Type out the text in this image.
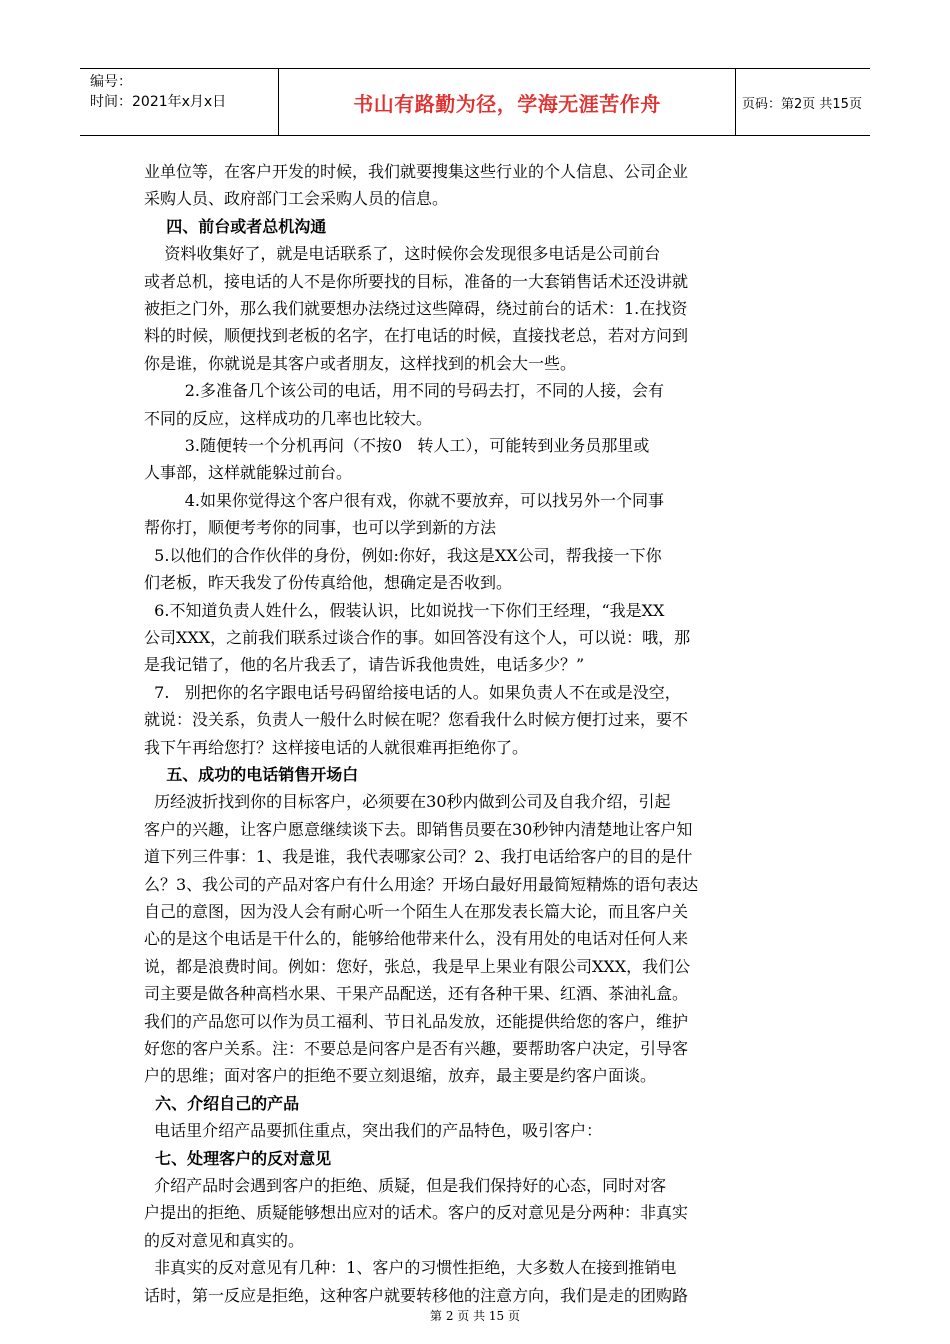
编号：
时间：2021年x月x日	书山有路勤为径，学海无涯苦作舟	页码：第2页 共15页

业单位等，在客户开发的时候，我们就要搜集这些行业的个人信息、公司企业

采购人员、政府部门工会采购人员的信息。

四、前台或者总机沟通

资料收集好了，就是电话联系了，这时候你会发现很多电话是公司前台

或者总机，接电话的人不是你所要找的目标，准备的一大套销售话术还没讲就

被拒之门外，那么我们就要想办法绕过这些障碍，绕过前台的话术：1.在找资

料的时候，顺便找到老板的名字，在打电话的时候，直接找老总，若对方问到

你是谁，你就说是其客户或者朋友，这样找到的机会大一些。

2.多准备几个该公司的电话，用不同的号码去打，不同的人接，会有

不同的反应，这样成功的几率也比较大。

3.随便转一个分机再问（不按0   转人工），可能转到业务员那里或

人事部，这样就能躲过前台。

4.如果你觉得这个客户很有戏，你就不要放弃，可以找另外一个同事

帮你打，顺便考考你的同事，也可以学到新的方法

5.以他们的合作伙伴的身份，例如:你好，我这是XX公司，帮我接一下你

们老板，昨天我发了份传真给他，想确定是否收到。

6.不知道负责人姓什么，假装认识，比如说找一下你们王经理，“我是XX

公司XXX，之前我们联系过谈合作的事。如回答没有这个人，可以说：哦，那

是我记错了，他的名片我丢了，请告诉我他贵姓，电话多少？”

7.   别把你的名字跟电话号码留给接电话的人。如果负责人不在或是没空，

就说：没关系，负责人一般什么时候在呢？您看我什么时候方便打过来，要不

我下午再给您打？这样接电话的人就很难再拒绝你了。

五、成功的电话销售开场白

历经波折找到你的目标客户，必须要在30秒内做到公司及自我介绍，引起

客户的兴趣，让客户愿意继续谈下去。即销售员要在30秒钟内清楚地让客户知

道下列三件事：1、我是谁，我代表哪家公司？2、我打电话给客户的目的是什

么？3、我公司的产品对客户有什么用途？开场白最好用最简短精炼的语句表达

自己的意图，因为没人会有耐心听一个陌生人在那发表长篇大论，而且客户关

心的是这个电话是干什么的，能够给他带来什么，没有用处的电话对任何人来

说，都是浪费时间。例如：您好，张总，我是早上果业有限公司XXX，我们公

司主要是做各种高档水果、干果产品配送，还有各种干果、红酒、茶油礼盒。

我们的产品您可以作为员工福利、节日礼品发放，还能提供给您的客户，维护

好您的客户关系。注：不要总是问客户是否有兴趣，要帮助客户决定，引导客

户的思维；面对客户的拒绝不要立刻退缩，放弃，最主要是约客户面谈。

六、介绍自己的产品

电话里介绍产品要抓住重点，突出我们的产品特色，吸引客户：

七、处理客户的反对意见

介绍产品时会遇到客户的拒绝、质疑，但是我们保持好的心态，同时对客

户提出的拒绝、质疑能够想出应对的话术。客户的反对意见是分两种：非真实

的反对意见和真实的。

非真实的反对意见有几种：1、客户的习惯性拒绝，大多数人在接到推销电

话时，第一反应是拒绝，这种客户就要转移他的注意方向，我们是走的团购路

第 2 页 共 15 页
